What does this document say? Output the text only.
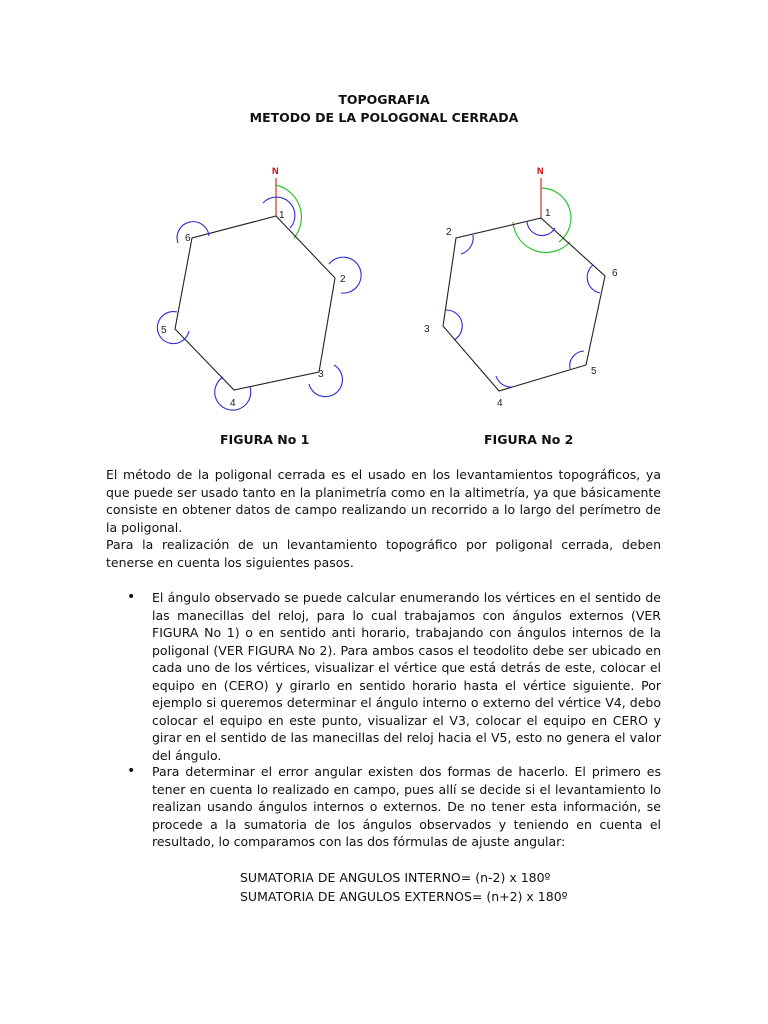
TOPOGRAFIA
METODO DE LA POLOGONAL CERRADA
N
1
2
3
4
5
6
N
1
6
5
4
3
2
FIGURA No 1	FIGURA No 2

El método de la poligonal cerrada es el usado en los levantamientos topográficos, ya que puede ser usado tanto en la planimetría como en la altimetría, ya que básicamente consiste en obtener datos de campo realizando un recorrido a lo largo del perímetro de la poligonal.

Para la realización de un levantamiento topográfico por poligonal cerrada, deben tenerse en cuenta los siguientes pasos.

• El ángulo observado se puede calcular enumerando los vértices en el sentido de las manecillas del reloj, para lo cual trabajamos con ángulos externos (VER FIGURA No 1) o en sentido anti horario, trabajando con ángulos internos de la poligonal (VER FIGURA No 2). Para ambos casos el teodolito debe ser ubicado en cada uno de los vértices, visualizar el vértice que está detrás de este, colocar el equipo en (CERO) y girarlo en sentido horario hasta el vértice siguiente. Por ejemplo si queremos determinar el ángulo interno o externo del vértice V4, debo colocar el equipo en este punto, visualizar el V3, colocar el equipo en CERO y girar en el sentido de las manecillas del reloj hacia el V5, esto no genera el valor del ángulo.

• Para determinar el error angular existen dos formas de hacerlo. El primero es tener en cuenta lo realizado en campo, pues allí se decide si el levantamiento lo realizan usando ángulos internos o externos. De no tener esta información, se procede a la sumatoria de los ángulos observados y teniendo en cuenta el resultado, lo comparamos con las dos fórmulas de ajuste angular:

SUMATORIA DE ANGULOS INTERNO= (n-2) x 180º
SUMATORIA DE ANGULOS EXTERNOS= (n+2) x 180º
